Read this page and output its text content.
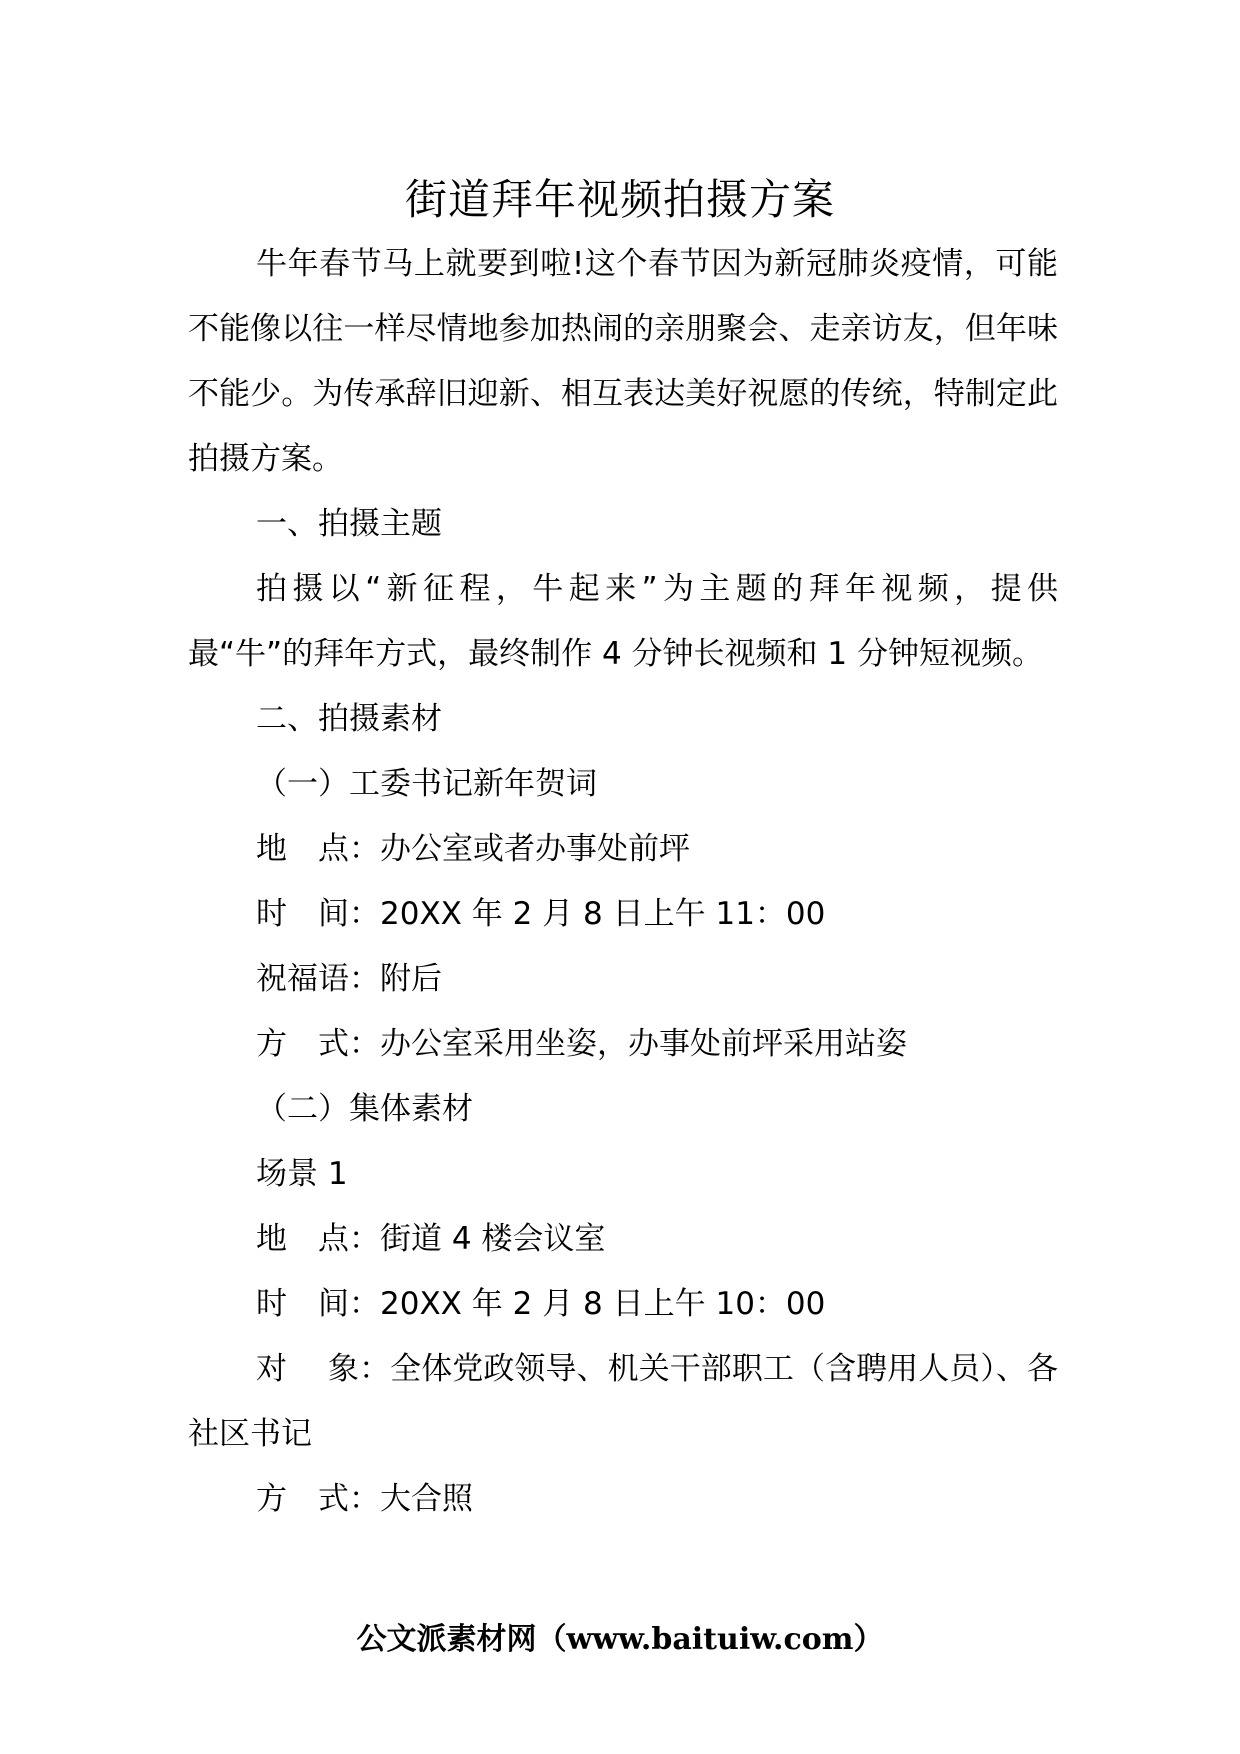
街道拜年视频拍摄方案

牛年春节马上就要到啦!这个春节因为新冠肺炎疫情，可能不能像以往一样尽情地参加热闹的亲朋聚会、走亲访友，但年味不能少。为传承辞旧迎新、相互表达美好祝愿的传统，特制定此拍摄方案。

一、拍摄主题

拍摄以“新征程，牛起来”为主题的拜年视频，提供最“牛”的拜年方式，最终制作 4 分钟长视频和 1 分钟短视频。

二、拍摄素材

（一）工委书记新年贺词

地　点：办公室或者办事处前坪

时　间：20XX 年 2 月 8 日上午 11：00

祝福语：附后

方　式：办公室采用坐姿，办事处前坪采用站姿

（二）集体素材

场景 1

地　点：街道 4 楼会议室

时　间：20XX 年 2 月 8 日上午 10：00

对　 象：全体党政领导、机关干部职工（含聘用人员）、各社区书记

方　式：大合照

公文派素材网（www.baituiw.com）
